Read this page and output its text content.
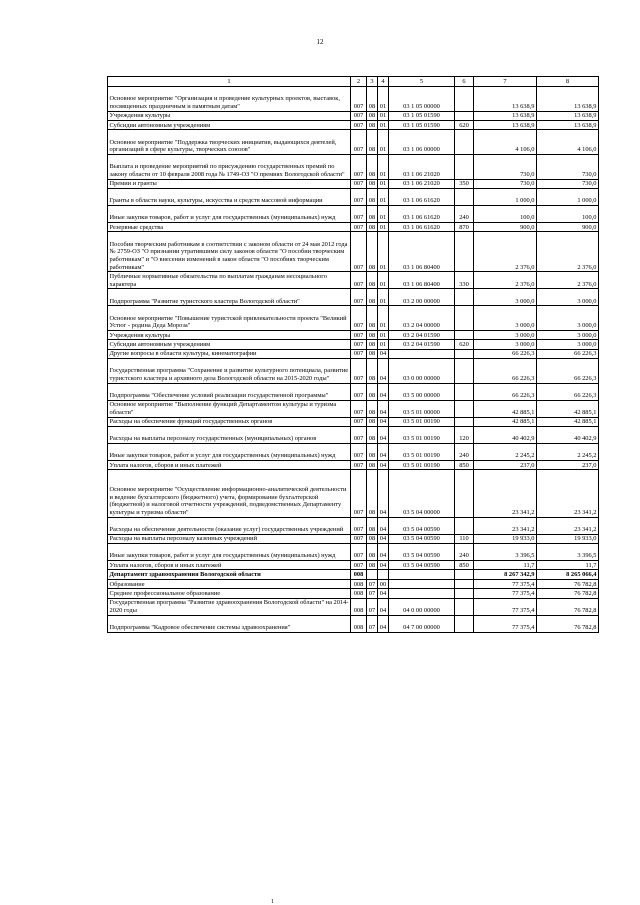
12
1	2	3	4	5	6	7	8
Основное мероприятие "Организация и проведение культурных проектов, выставок, посвященных праздничным и памятным датам"	007	08	01	03 1 05 00000		13 638,9	13 638,9
Учреждения культуры	007	08	01	03 1 05 01590		13 638,9	13 638,9
Субсидии автономным учреждениям	007	08	01	03 1 05 01590	620	13 638,9	13 638,9
Основное мероприятие "Поддержка творческих инициатив, выдающихся деятелей, организаций в сфере культуры, творческих союзов"	007	08	01	03 1 06 00000		4 106,0	4 106,0
Выплата и проведение мероприятий по присуждению государственных премий по закону области от 10 февраля 2008 года № 1749-ОЗ "О премиях Вологодской области"	007	08	01	03 1 06 21020		730,0	730,0
Премии и гранты	007	08	01	03 1 06 21020	350	730,0	730,0
Гранты в области науки, культуры, искусства и средств массовой информации	007	08	01	03 1 06 61620		1 000,0	1 000,0
Иные закупки товаров, работ и услуг для государственных (муниципальных) нужд	007	08	01	03 1 06 61620	240	100,0	100,0
Резервные средства	007	08	01	03 1 06 61620	870	900,0	900,0
Пособия творческим работникам в соответствии с законом области от 24 мая 2012 года № 2759-ОЗ "О признании утратившими силу законов области "О пособии творческим работникам" и "О внесении изменений в закон области "О пособиях творческим работникам"	007	08	01	03 1 06 80400		2 376,0	2 376,0
Публичные нормативные обязательства по выплатам гражданам несоциального характера	007	08	01	03 1 06 80400	330	2 376,0	2 376,0
Подпрограмма "Развитие туристского кластера Вологодской области"	007	08	01	03 2 00 00000		3 000,0	3 000,0
Основное мероприятие "Повышение туристской привлекательности проекта "Великий Устюг - родина Деда Мороза"	007	08	01	03 2 04 00000		3 000,0	3 000,0
Учреждения культуры	007	08	01	03 2 04 01590		3 000,0	3 000,0
Субсидии автономным учреждениям	007	08	01	03 2 04 01590	620	3 000,0	3 000,0
Другие вопросы в области культуры, кинематографии	007	08	04			66 226,3	66 226,3
Государственная программа "Сохранение и развитие культурного потенциала, развитие туристского кластера и архивного дела Вологодской области на 2015-2020 годы"	007	08	04	03 0 00 00000		66 226,3	66 226,3
Подпрограмма "Обеспечение условий реализации государственной программы"	007	08	04	03 5 00 00000		66 226,3	66 226,3
Основное мероприятие "Выполнение функций Департаментом культуры и туризма области"	007	08	04	03 5 01 00000		42 885,1	42 885,1
Расходы на обеспечение функций государственных органов	007	08	04	03 5 01 00190		42 885,1	42 885,1
Расходы на выплаты персоналу государственных (муниципальных) органов	007	08	04	03 5 01 00190	120	40 402,9	40 402,9
Иные закупки товаров, работ и услуг для государственных (муниципальных) нужд	007	08	04	03 5 01 00190	240	2 245,2	2 245,2
Уплата налогов, сборов и иных платежей	007	08	04	03 5 01 00190	850	237,0	237,0
Основное мероприятие "Осуществление информационно-аналитической деятельности и ведение бухгалтерского (бюджетного) учета, формирование бухгалтерской (бюджетной) и налоговой отчетности учреждений, подведомственных Департаменту культуры и туризма области"	007	08	04	03 5 04 00000		23 341,2	23 341,2
Расходы на обеспечение деятельности (оказание услуг) государственных учреждений	007	08	04	03 5 04 00590		23 341,2	23 341,2
Расходы на выплаты персоналу казенных учреждений	007	08	04	03 5 04 00590	110	19 933,0	19 933,0
Иные закупки товаров, работ и услуг для государственных (муниципальных) нужд	007	08	04	03 5 04 00590	240	3 396,5	3 396,5
Уплата налогов, сборов и иных платежей	007	08	04	03 5 04 00590	850	11,7	11,7
Департамент здравоохранения Вологодской области	008					8 267 342,9	8 265 066,4
Образование	008	07	00			77 375,4	76 782,8
Среднее профессиональное образование	008	07	04			77 375,4	76 782,8
Государственная программа "Развитие здравоохранения Вологодской области" на 2014-2020 годы	008	07	04	04 0 00 00000		77 375,4	76 782,8
Подпрограмма "Кадровое обеспечение системы здравоохранения"	008	07	04	04 7 00 00000		77 375,4	76 782,8
1
